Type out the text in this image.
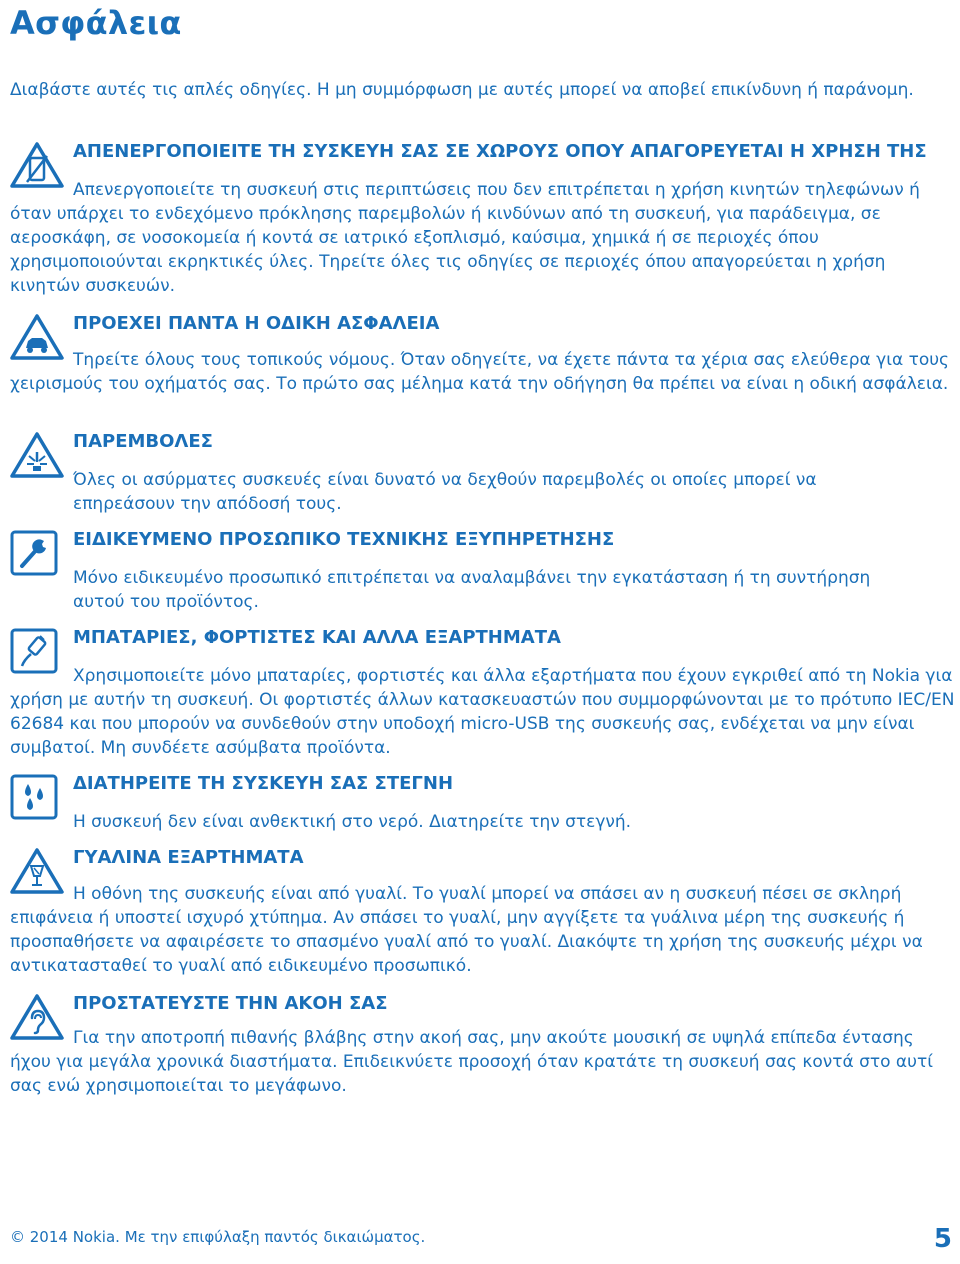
Ασφάλεια

Διαβάστε αυτές τις απλές οδηγίες. Η μη συμμόρφωση με αυτές μπορεί να αποβεί επικίνδυνη ή παράνομη.

ΑΠΕΝΕΡΓΟΠΟΙΕΙΤΕ ΤΗ ΣΥΣΚΕΥΗ ΣΑΣ ΣΕ ΧΩΡΟΥΣ ΟΠΟΥ ΑΠΑΓΟΡΕΥΕΤΑΙ Η ΧΡΗΣΗ ΤΗΣ

Απενεργοποιείτε τη συσκευή στις περιπτώσεις που δεν επιτρέπεται η χρήση κινητών τηλεφώνων ή όταν υπάρχει το ενδεχόμενο πρόκλησης παρεμβολών ή κινδύνων από τη συσκευή, για παράδειγμα, σε αεροσκάφη, σε νοσοκομεία ή κοντά σε ιατρικό εξοπλισμό, καύσιμα, χημικά ή σε περιοχές όπου χρησιμοποιούνται εκρηκτικές ύλες. Τηρείτε όλες τις οδηγίες σε περιοχές όπου απαγορεύεται η χρήση κινητών συσκευών.

ΠΡΟΕΧΕΙ ΠΑΝΤΑ Η ΟΔΙΚΗ ΑΣΦΑΛΕΙΑ

Τηρείτε όλους τους τοπικούς νόμους. Όταν οδηγείτε, να έχετε πάντα τα χέρια σας ελεύθερα για τους χειρισμούς του οχήματός σας. Το πρώτο σας μέλημα κατά την οδήγηση θα πρέπει να είναι η οδική ασφάλεια.

ΠΑΡΕΜΒΟΛΕΣ

Όλες οι ασύρματες συσκευές είναι δυνατό να δεχθούν παρεμβολές οι οποίες μπορεί να επηρεάσουν την απόδοσή τους.

ΕΙΔΙΚΕΥΜΕΝΟ ΠΡΟΣΩΠΙΚΟ ΤΕΧΝΙΚΗΣ ΕΞΥΠΗΡΕΤΗΣΗΣ

Μόνο ειδικευμένο προσωπικό επιτρέπεται να αναλαμβάνει την εγκατάσταση ή τη συντήρηση αυτού του προϊόντος.

ΜΠΑΤΑΡΙΕΣ, ΦΟΡΤΙΣΤΕΣ ΚΑΙ ΑΛΛΑ ΕΞΑΡΤΗΜΑΤΑ

Χρησιμοποιείτε μόνο μπαταρίες, φορτιστές και άλλα εξαρτήματα που έχουν εγκριθεί από τη Nokia για χρήση με αυτήν τη συσκευή. Οι φορτιστές άλλων κατασκευαστών που συμμορφώνονται με το πρότυπο IEC/EN 62684 και που μπορούν να συνδεθούν στην υποδοχή micro-USB της συσκευής σας, ενδέχεται να μην είναι συμβατοί. Μη συνδέετε ασύμβατα προϊόντα.

ΔΙΑΤΗΡΕΙΤΕ ΤΗ ΣΥΣΚΕΥΗ ΣΑΣ ΣΤΕΓΝΗ

Η συσκευή δεν είναι ανθεκτική στο νερό. Διατηρείτε την στεγνή.

ΓΥΑΛΙΝΑ ΕΞΑΡΤΗΜΑΤΑ

Η οθόνη της συσκευής είναι από γυαλί. Το γυαλί μπορεί να σπάσει αν η συσκευή πέσει σε σκληρή επιφάνεια ή υποστεί ισχυρό χτύπημα. Αν σπάσει το γυαλί, μην αγγίξετε τα γυάλινα μέρη της συσκευής ή προσπαθήσετε να αφαιρέσετε το σπασμένο γυαλί από το γυαλί. Διακόψτε τη χρήση της συσκευής μέχρι να αντικατασταθεί το γυαλί από ειδικευμένο προσωπικό.

ΠΡΟΣΤΑΤΕΥΣΤΕ ΤΗΝ ΑΚΟΗ ΣΑΣ

Για την αποτροπή πιθανής βλάβης στην ακοή σας, μην ακούτε μουσική σε υψηλά επίπεδα έντασης ήχου για μεγάλα χρονικά διαστήματα. Επιδεικνύετε προσοχή όταν κρατάτε τη συσκευή σας κοντά στο αυτί σας ενώ χρησιμοποιείται το μεγάφωνο.

© 2014 Nokia. Με την επιφύλαξη παντός δικαιώματος.	5
